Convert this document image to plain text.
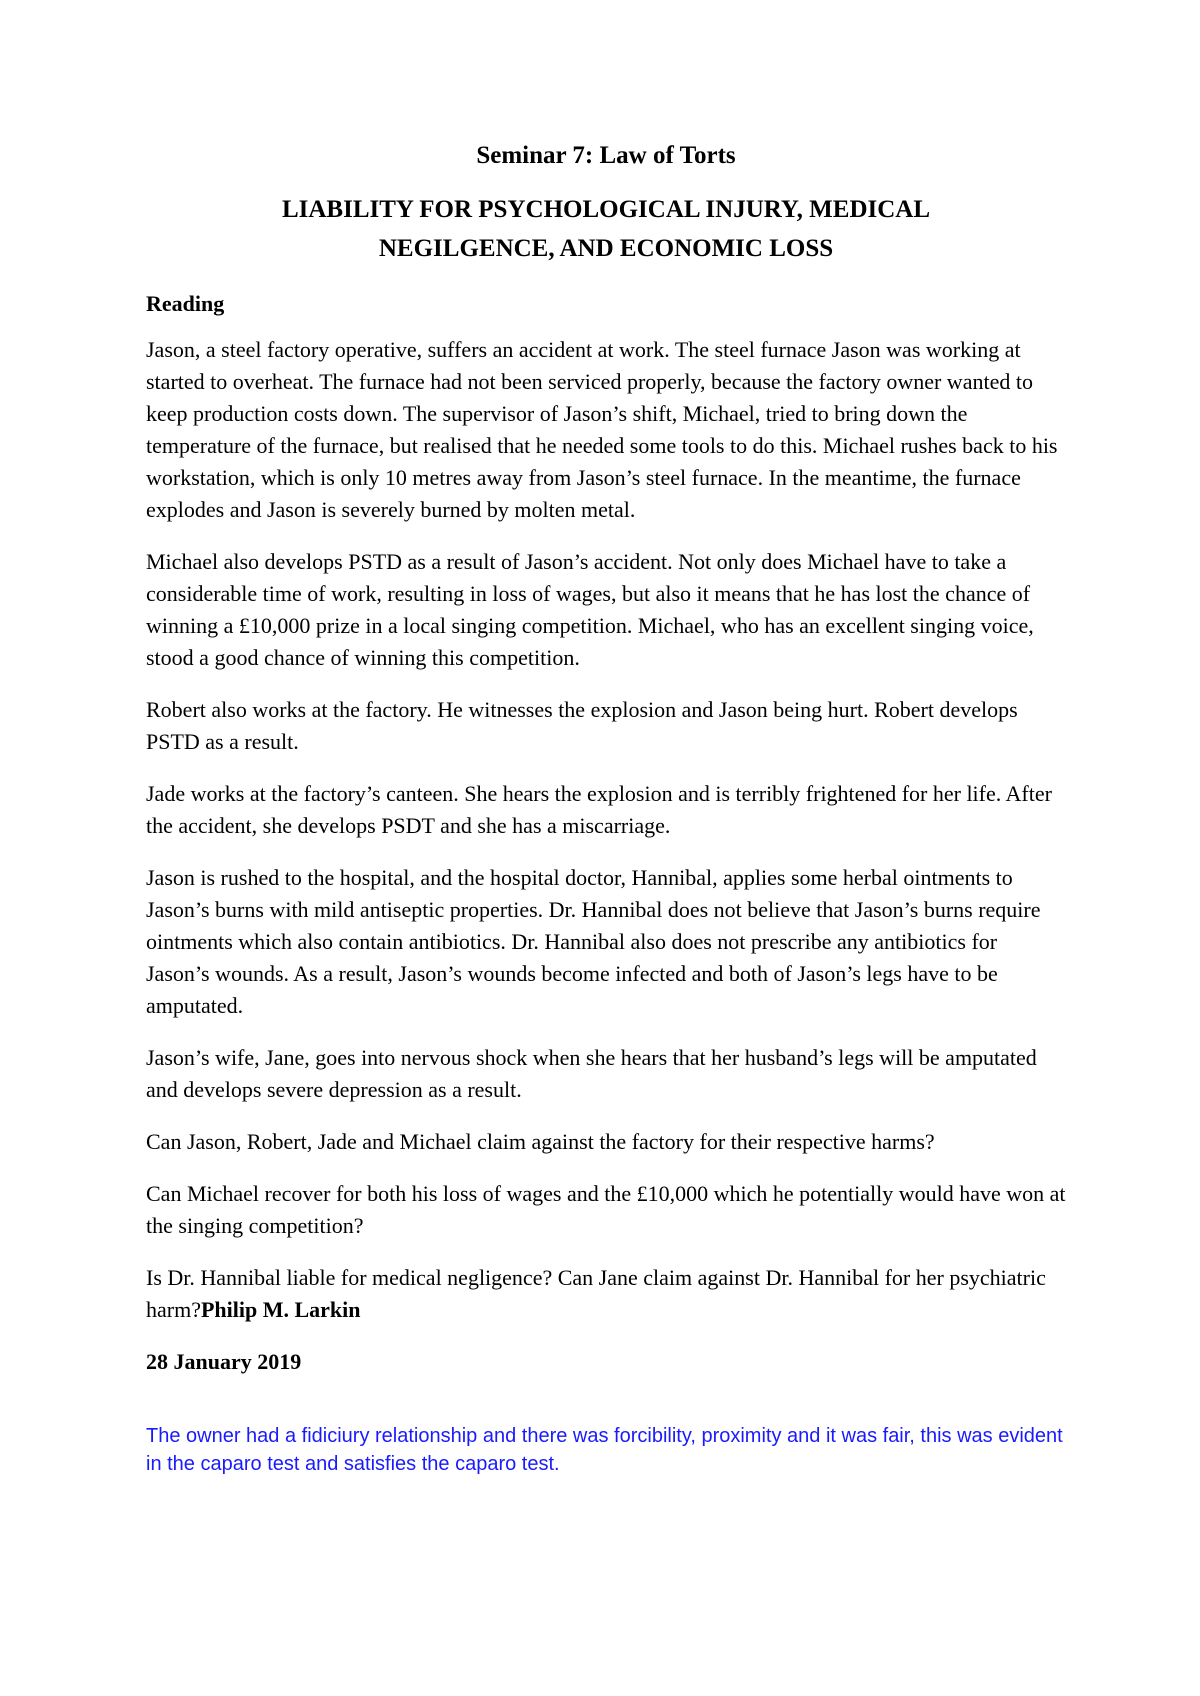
Seminar 7: Law of Torts
LIABILITY FOR PSYCHOLOGICAL INJURY, MEDICAL
NEGILGENCE, AND ECONOMIC LOSS
Reading

Jason, a steel factory operative, suffers an accident at work. The steel furnace Jason was working at started to overheat. The furnace had not been serviced properly, because the factory owner wanted to keep production costs down. The supervisor of Jason’s shift, Michael, tried to bring down the temperature of the furnace, but realised that he needed some tools to do this. Michael rushes back to his workstation, which is only 10 metres away from Jason’s steel furnace. In the meantime, the furnace explodes and Jason is severely burned by molten metal.

Michael also develops PSTD as a result of Jason’s accident. Not only does Michael have to take a considerable time of work, resulting in loss of wages, but also it means that he has lost the chance of winning a £10,000 prize in a local singing competition. Michael, who has an excellent singing voice, stood a good chance of winning this competition.

Robert also works at the factory. He witnesses the explosion and Jason being hurt. Robert develops PSTD as a result.

Jade works at the factory’s canteen. She hears the explosion and is terribly frightened for her life. After the accident, she develops PSDT and she has a miscarriage.

Jason is rushed to the hospital, and the hospital doctor, Hannibal, applies some herbal ointments to Jason’s burns with mild antiseptic properties. Dr. Hannibal does not believe that Jason’s burns require ointments which also contain antibiotics. Dr. Hannibal also does not prescribe any antibiotics for Jason’s wounds. As a result, Jason’s wounds become infected and both of Jason’s legs have to be amputated.

Jason’s wife, Jane, goes into nervous shock when she hears that her husband’s legs will be amputated and develops severe depression as a result.

Can Jason, Robert, Jade and Michael claim against the factory for their respective harms?

Can Michael recover for both his loss of wages and the £10,000 which he potentially would have won at the singing competition?

Is Dr. Hannibal liable for medical negligence? Can Jane claim against Dr. Hannibal for her psychiatric harm?Philip M. Larkin

28 January 2019

The owner had a fidiciury relationship and there was forcibility, proximity and it was fair, this was evident in the caparo test and satisfies the caparo test.
